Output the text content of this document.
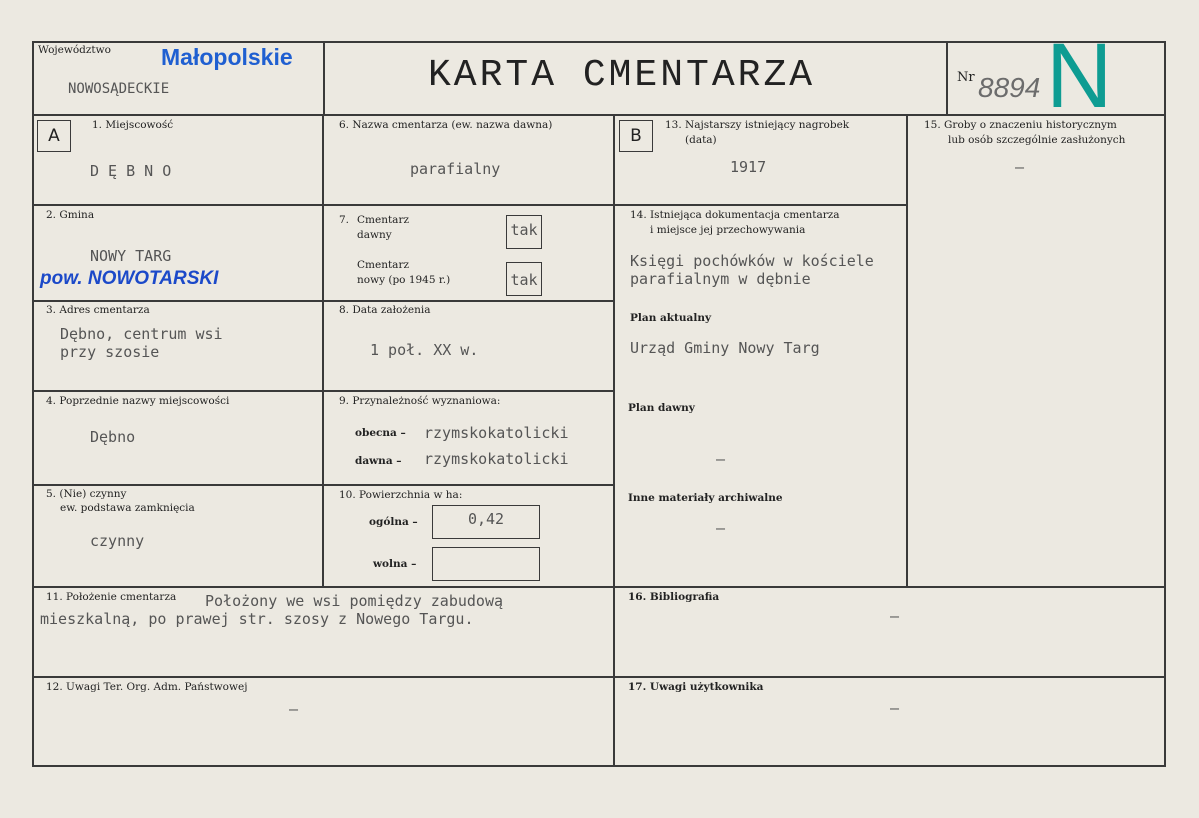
Województwo Małopolskie
NOWOSĄDECKIE	KARTA CMENTARZA	Nr 8894 N
A	B
1. Miejscowość
D Ę B N O
2. Gmina
NOWY TARG
pow. NOWOTARSKI
3. Adres cmentarza
Dębno, centrum wsi
przy szosie
4. Poprzednie nazwy miejscowości
Dębno
5. (Nie) czynny
ew. podstawa zamknięcia
czynny
6. Nazwa cmentarza (ew. nazwa dawna)
parafialny
7. Cmentarz
dawny	tak
Cmentarz
nowy (po 1945 r.)	tak
8. Data założenia
1 poł. XX w.
9. Przynależność wyznaniowa:
obecna – rzymskokatolicki
dawna – rzymskokatolicki
10. Powierzchnia w ha:
ogólna –	0,42
wolna –
11. Położenie cmentarza Położony we wsi pomiędzy zabudową
mieszkalną, po prawej str. szosy z Nowego Targu.
12. Uwagi Ter. Org. Adm. Państwowej
–
13. Najstarszy istniejący nagrobek
(data)
1917
14. Istniejąca dokumentacja cmentarza
i miejsce jej przechowywania
Księgi pochówków w kościele
parafialnym w dębnie
Plan aktualny
Urząd Gminy Nowy Targ
Plan dawny
–
Inne materiały archiwalne
–
15. Groby o znaczeniu historycznym
lub osób szczególnie zasłużonych
–
16. Bibliografia
–
17. Uwagi użytkownika
–
